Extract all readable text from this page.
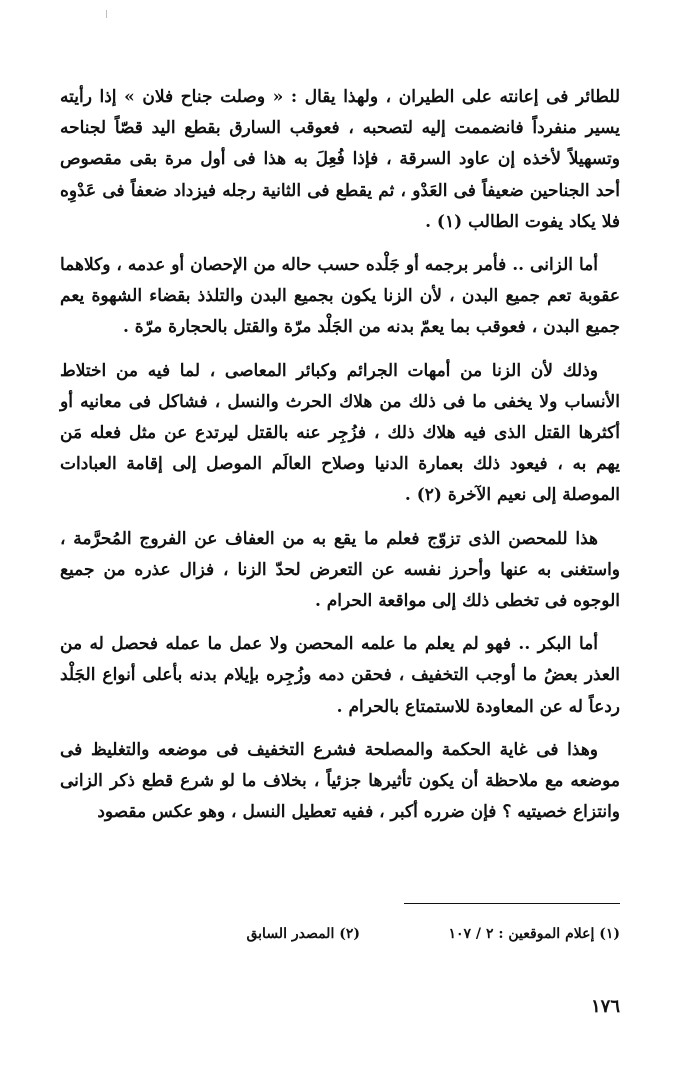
للطائر فى إعانته على الطيران ، ولهذا يقال : « وصلت جناح فلان » إذا رأيته يسير منفرداً فانضممت إليه لتصحبه ، فعوقب السارق بقطع اليد قصّاً لجناحه وتسهيلاً لأخذه إن عاود السرقة ، فإذا فُعِلَ به هذا فى أول مرة بقى مقصوص أحد الجناحين ضعيفاً فى العَدْو ، ثم يقطع فى الثانية رجله فيزداد ضعفاً فى عَدْوِه فلا يكاد يفوت الطالب (١) .

أما الزانى .. فأمر برجمه أو جَلْده حسب حاله من الإحصان أو عدمه ، وكلاهما عقوبة تعم جميع البدن ، لأن الزنا يكون بجميع البدن والتلذذ بقضاء الشهوة يعم جميع البدن ، فعوقب بما يعمّ بدنه من الجَلْد مرّة والقتل بالحجارة مرّة .

وذلك لأن الزنا من أمهات الجرائم وكبائر المعاصى ، لما فيه من اختلاط الأنساب ولا يخفى ما فى ذلك من هلاك الحرث والنسل ، فشاكل فى معانيه أو أكثرها القتل الذى فيه هلاك ذلك ، فزُجِر عنه بالقتل ليرتدع عن مثل فعله مَن يهم به ، فيعود ذلك بعمارة الدنيا وصلاح العالَم الموصل إلى إقامة العبادات الموصلة إلى نعيم الآخرة (٢) .

هذا للمحصن الذى تزوّج فعلم ما يقع به من العفاف عن الفروج المُحرَّمة ، واستغنى به عنها وأحرز نفسه عن التعرض لحدّ الزنا ، فزال عذره من جميع الوجوه فى تخطى ذلك إلى مواقعة الحرام .

أما البكر .. فهو لم يعلم ما علمه المحصن ولا عمل ما عمله فحصل له من العذر بعضُ ما أوجب التخفيف ، فحقن دمه وزُجِره بإيلام بدنه بأعلى أنواع الجَلْد ردعاً له عن المعاودة للاستمتاع بالحرام .

وهذا فى غاية الحكمة والمصلحة فشرع التخفيف فى موضعه والتغليظ فى موضعه مع ملاحظة أن يكون تأثيرها جزئياً ، بخلاف ما لو شرع قطع ذكر الزانى وانتزاع خصيتيه ؟ فإن ضرره أكبر ، ففيه تعطيل النسل ، وهو عكس مقصود

(١) إعلام الموقعين : ٢ / ١٠٧
(٢) المصدر السابق
١٧٦
